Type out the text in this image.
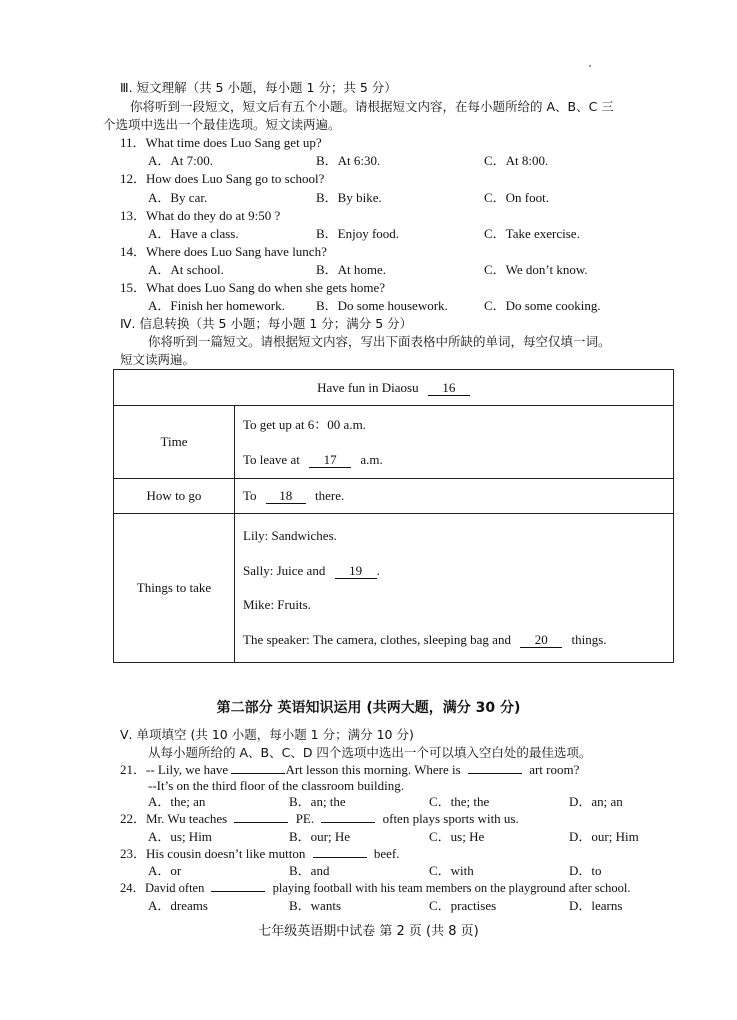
Ⅲ. 短文理解（共 5 小题，每小题 1 分；共 5 分）
你将听到一段短文，短文后有五个小题。请根据短文内容，在每小题所给的 A、B、C 三
个选项中选出一个最佳选项。短文读两遍。
11．What time does Luo Sang get up?
A．At 7:00.	B．At 6:30.	C．At 8:00.
12．How does Luo Sang go to school?
A．By car.	B．By bike.	C．On foot.
13．What do they do at 9:50 ?
A．Have a class.	B．Enjoy food.	C．Take exercise.
14．Where does Luo Sang have lunch?
A．At school.	B．At home.	C．We don’t know.
15．What does Luo Sang do when she gets home?
A．Finish her homework. B．Do some housework.	C．Do some cooking.
Ⅳ. 信息转换（共 5 小题；每小题 1 分；满分 5 分）
你将听到一篇短文。请根据短文内容，写出下面表格中所缺的单词，每空仅填一词。
短文读两遍。
Have fun in Diaosu 16	
Time	To get up at 6：00 a.m.
To leave at 17 a.m.

How to go	To 18 there.
Things to take	Lily: Sandwiches.
Sally: Juice and 19 .
Mike: Fruits.
The speaker: The camera, clothes, sleeping bag and 20 things.
第二部分 英语知识运用 (共两大题，满分 30 分)
Ⅴ. 单项填空 (共 10 小题，每小题 1 分；满分 10 分)
从每小题所给的 A、B、C、D 四个选项中选出一个可以填入空白处的最佳选项。
21．-- Lily, we have	Art lesson this morning. Where is	art room?
--It’s on the third floor of the classroom building.
A．the; an	B．an; the	C．the; the	D．an; an
22．Mr. Wu teaches	PE.	often plays sports with us.
A．us; Him	B．our; He	C．us; He	D．our; Him
23．His cousin doesn’t like mutton	beef.
A．or	B．and	C．with	D．to
24．David often	playing football with his team members on the playground after school.
A．dreams	B．wants	C．practises	D．learns
七年级英语期中试卷 第 2 页 (共 8 页)
